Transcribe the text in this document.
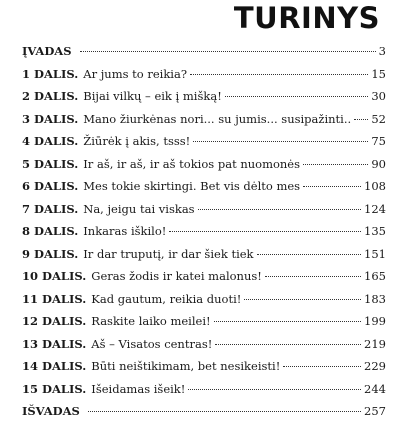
TURINYS
ĮVADAS	3
1 DALIS. Ar jums to reikia?	15
2 DALIS. Bijai vilkų – eik į mišką!	30
3 DALIS. Mano žiurkėnas nori... su jumis... susipažinti.. 52
4 DALIS. Žiūrėk į akis, tsss!	75
5 DALIS. Ir aš, ir aš, ir aš tokios pat nuomonės	90
6 DALIS. Mes tokie skirtingi. Bet vis dėlto mes	108
7 DALIS. Na, jeigu tai viskas	124
8 DALIS. Inkaras iškilo!	135
9 DALIS. Ir dar truputį, ir dar šiek tiek	151
10 DALIS. Geras žodis ir katei malonus!	165
11 DALIS. Kad gautum, reikia duoti!	183
12 DALIS. Raskite laiko meilei!	199
13 DALIS. Aš – Visatos centras!	219
14 DALIS. Būti neištikimam, bet nesikeisti!	229
15 DALIS. Išeidamas išeik!	244
IŠVADAS	257
